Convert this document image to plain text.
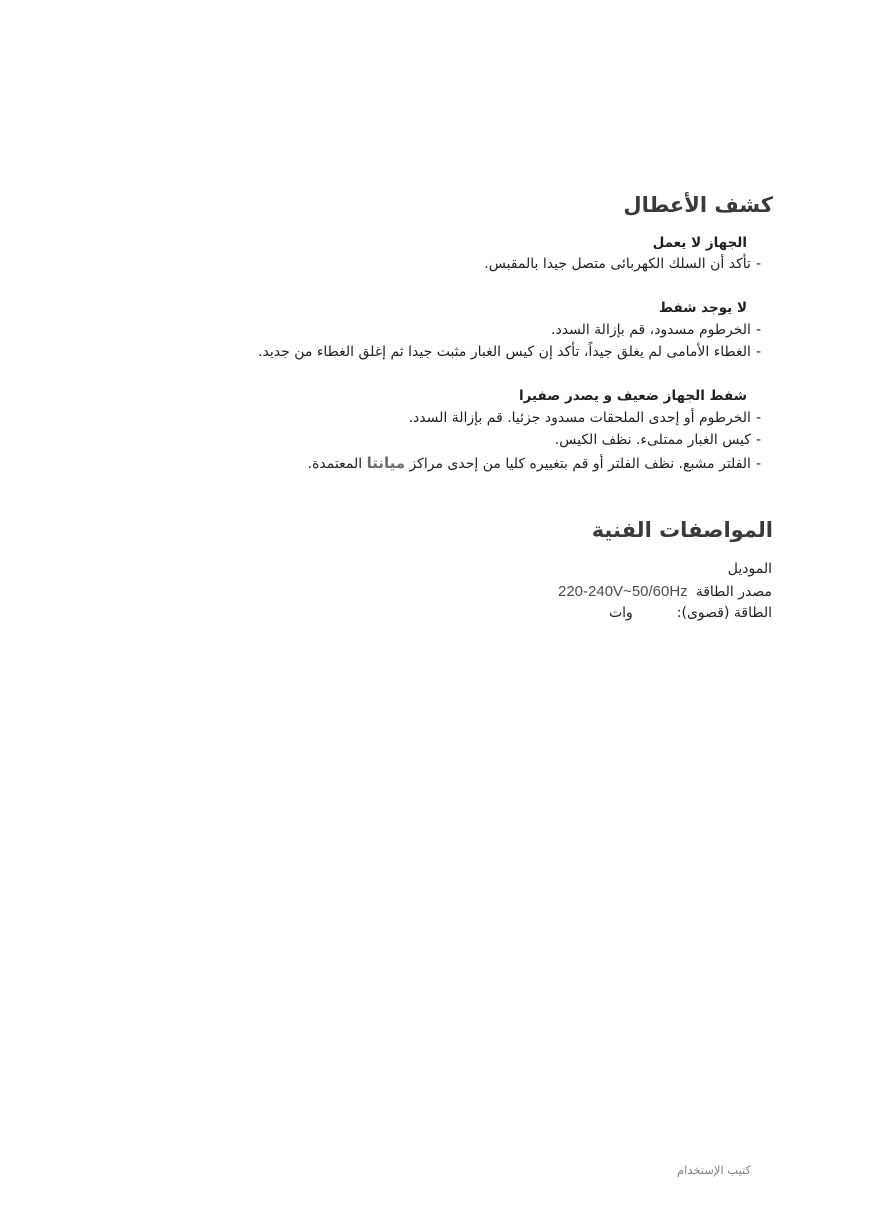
كشف الأعطال
الجهاز لا يعمل
-تأكد أن السلك الكهربائى متصل جيدا بالمقبس.
لا يوجد شفط
-الخرطوم مسدود، قم بإزالة السدد.
-الغطاء الأمامى لم يغلق جيداً، تأكد إن كيس الغبار مثبت جيدا ثم إغلق الغطاء من جديد.
شفط الجهاز ضعيف و يصدر صفيرا
-الخرطوم أو إحدى الملحقات مسدود جزئيا. قم بإزالة السدد.
-كيس الغبار ممتلىء. نظف الكيس.
-الفلتر مشبع. نظف الفلتر أو قم بتغييره كليا من إحدى مراكز ميانتا المعتمدة.
المواصفات الفنية
الموديل
مصدر الطاقة220-240V~50/60Hz
الطاقة (قصوى):وات
كتيب الإستخدام
